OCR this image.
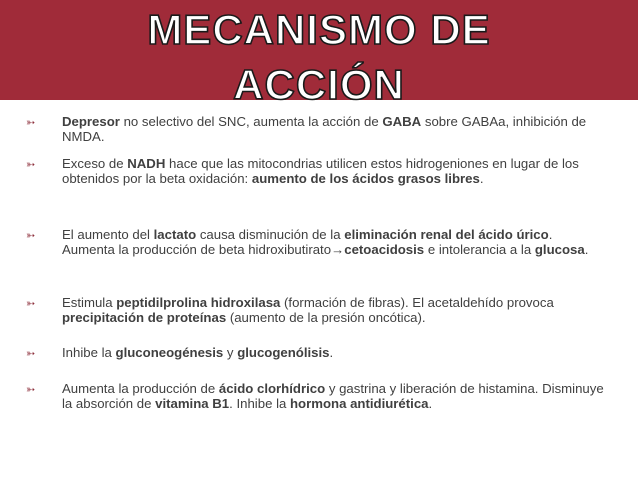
MECANISMO DE
ACCIÓN
➳	Depresor no selectivo del SNC, aumenta la acción de GABA sobre GABAa, inhibición de NMDA.
➳	Exceso de NADH hace que las mitocondrias utilicen estos hidrogeniones en lugar de los obtenidos por la beta oxidación: aumento de los ácidos grasos libres.
➳	El aumento del lactato causa disminución de la eliminación renal del ácido úrico. Aumenta la producción de beta hidroxibutirato→cetoacidosis e intolerancia a la glucosa.
➳	Estimula peptidilprolina hidroxilasa (formación de fibras). El acetaldehído provoca precipitación de proteínas (aumento de la presión oncótica).
➳	Inhibe la gluconeogénesis y glucogenólisis.
➳	Aumenta la producción de ácido clorhídrico y gastrina y liberación de histamina. Disminuye la absorción de vitamina B1. Inhibe la hormona antidiurética.
